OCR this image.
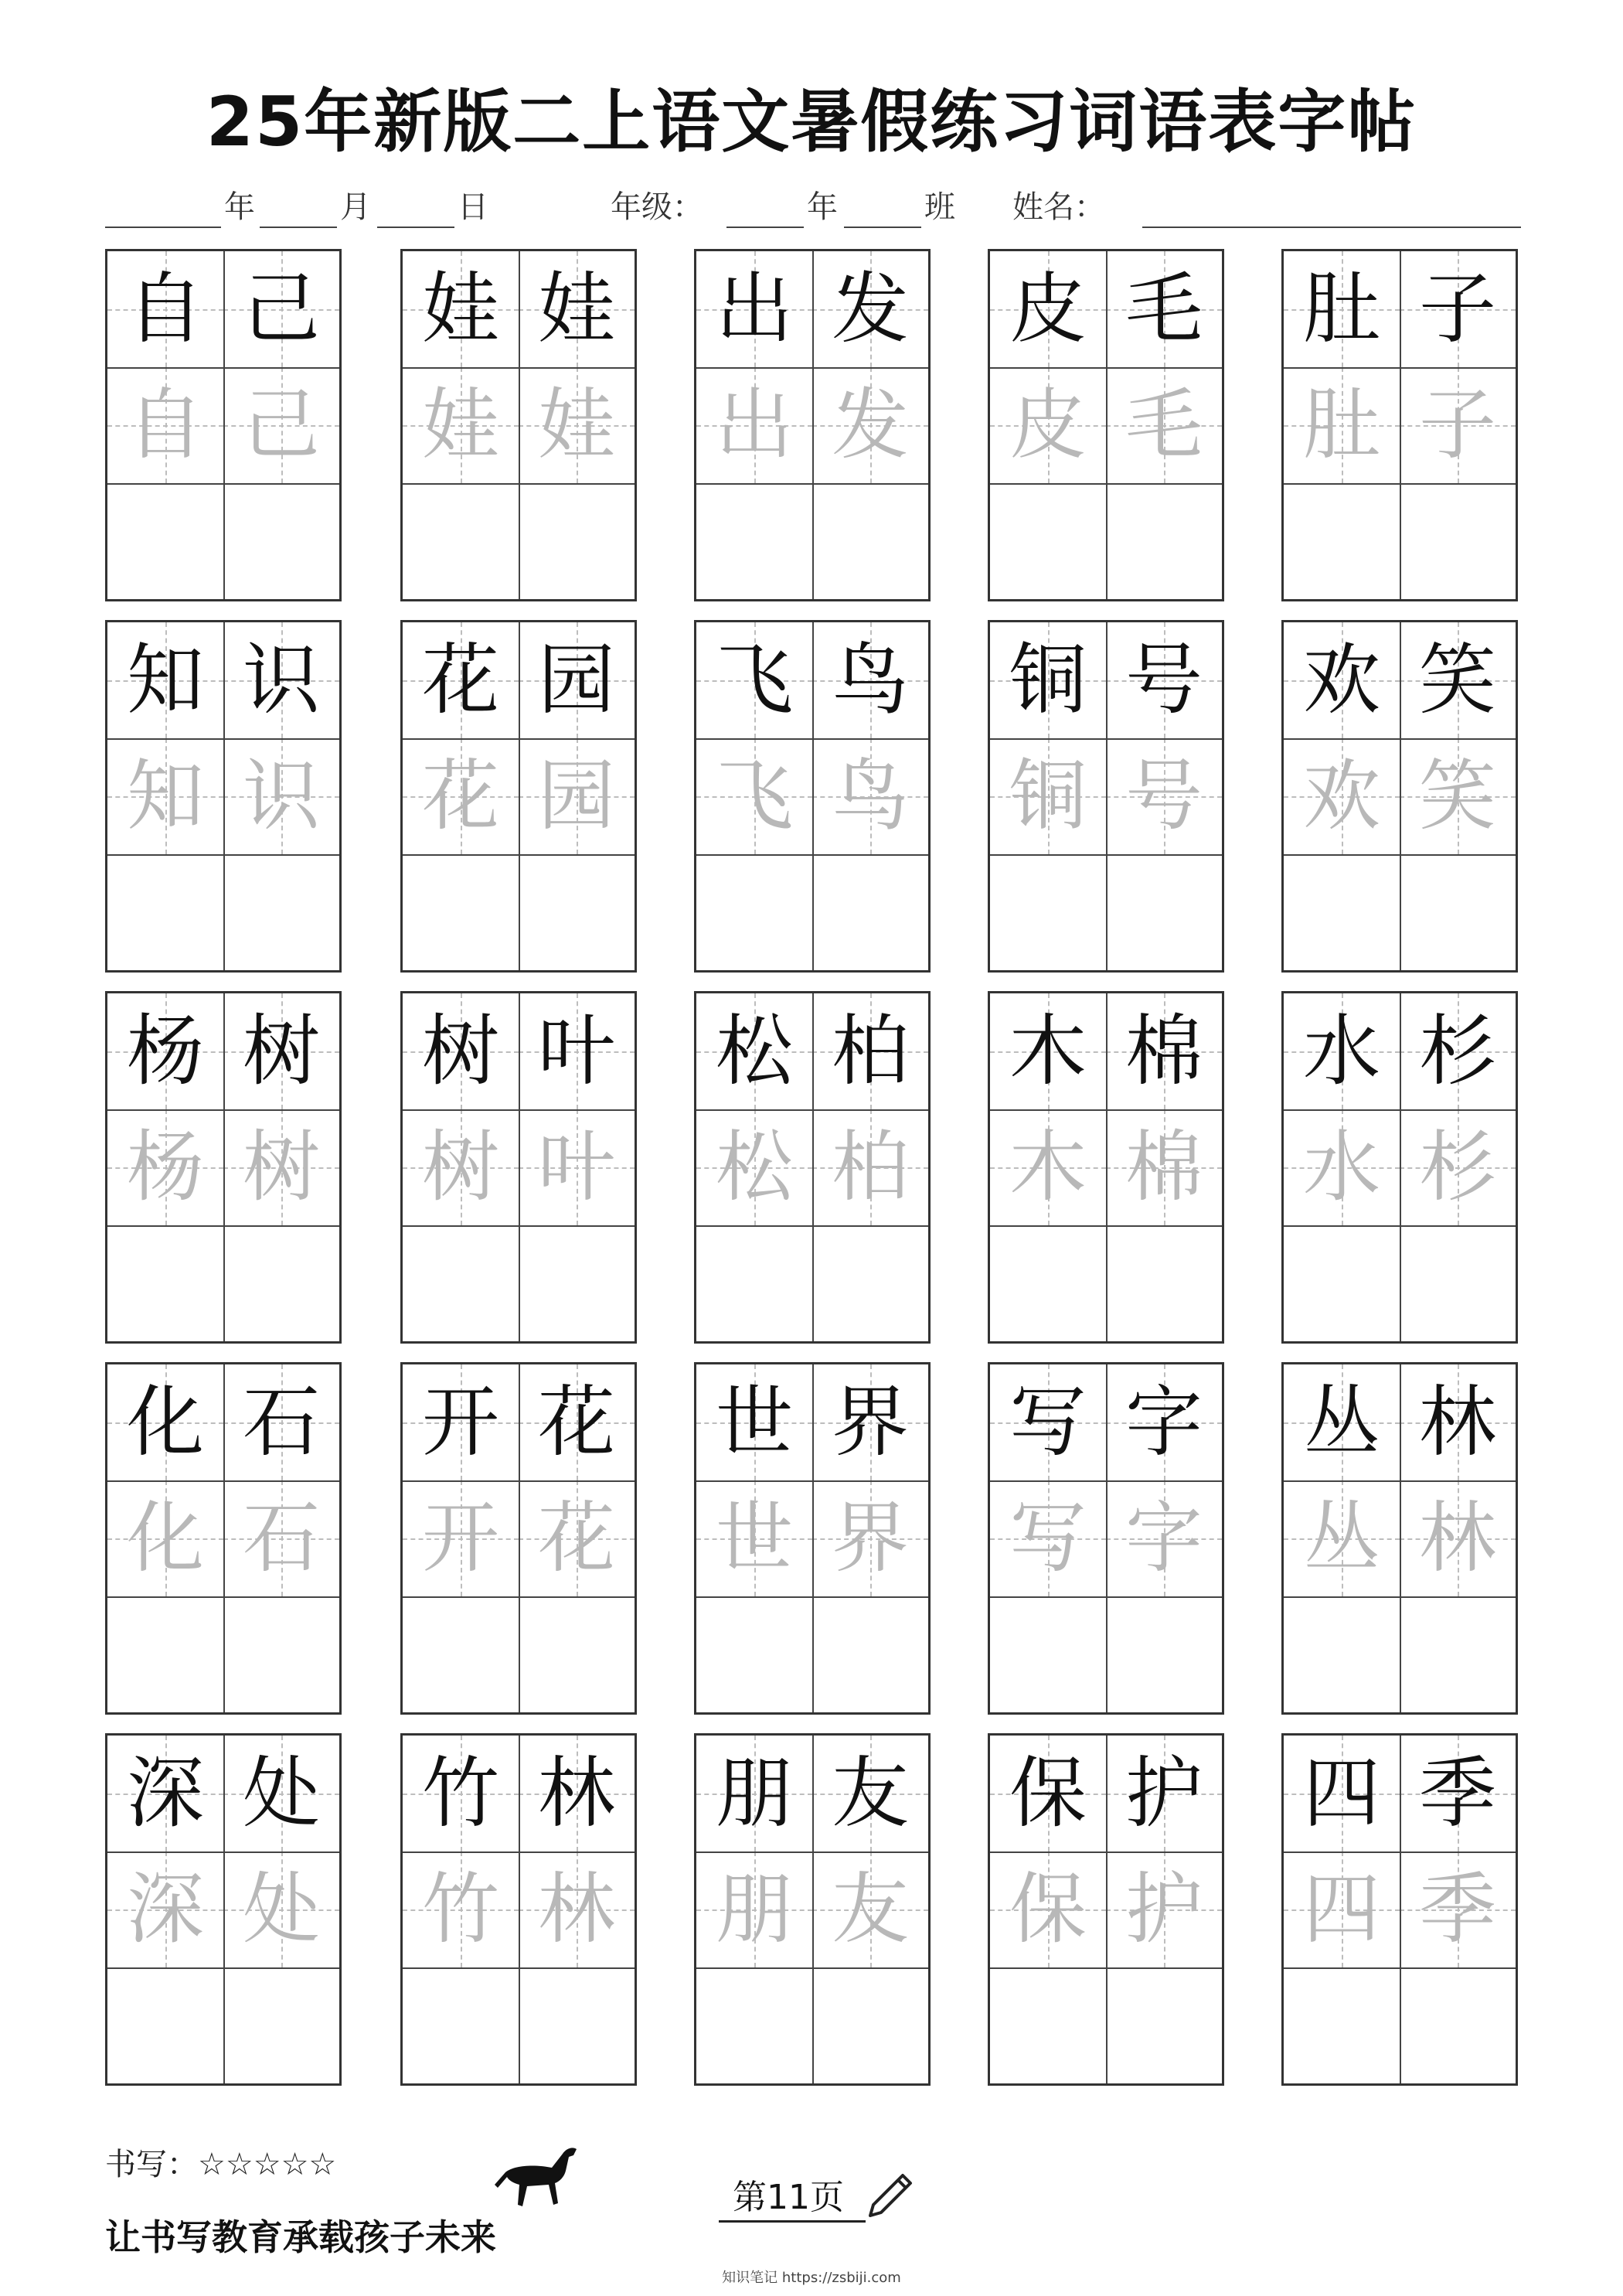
25年新版二上语文暑假练习词语表字帖
年	月	日	年级：	年	班 姓名：
自 己
自 己
娃 娃
娃 娃
出 发
出 发
皮 毛
皮 毛
肚 子
肚 子
知 识
知 识
花 园
花 园
飞 鸟
飞 鸟
铜 号
铜 号
欢 笑
欢 笑
杨 树
杨 树
树 叶
树 叶
松 柏
松 柏
木 棉
木 棉
水 杉
水 杉
化 石
化 石
开 花
开 花
世 界
世 界
写 字
写 字
丛 林
丛 林
深 处
深 处
竹 林
竹 林
朋 友
朋 友
保 护
保 护
四 季
四 季
书写：☆☆☆☆☆
第11页
让书写教育承载孩子未来
知识笔记 https://zsbiji.com
